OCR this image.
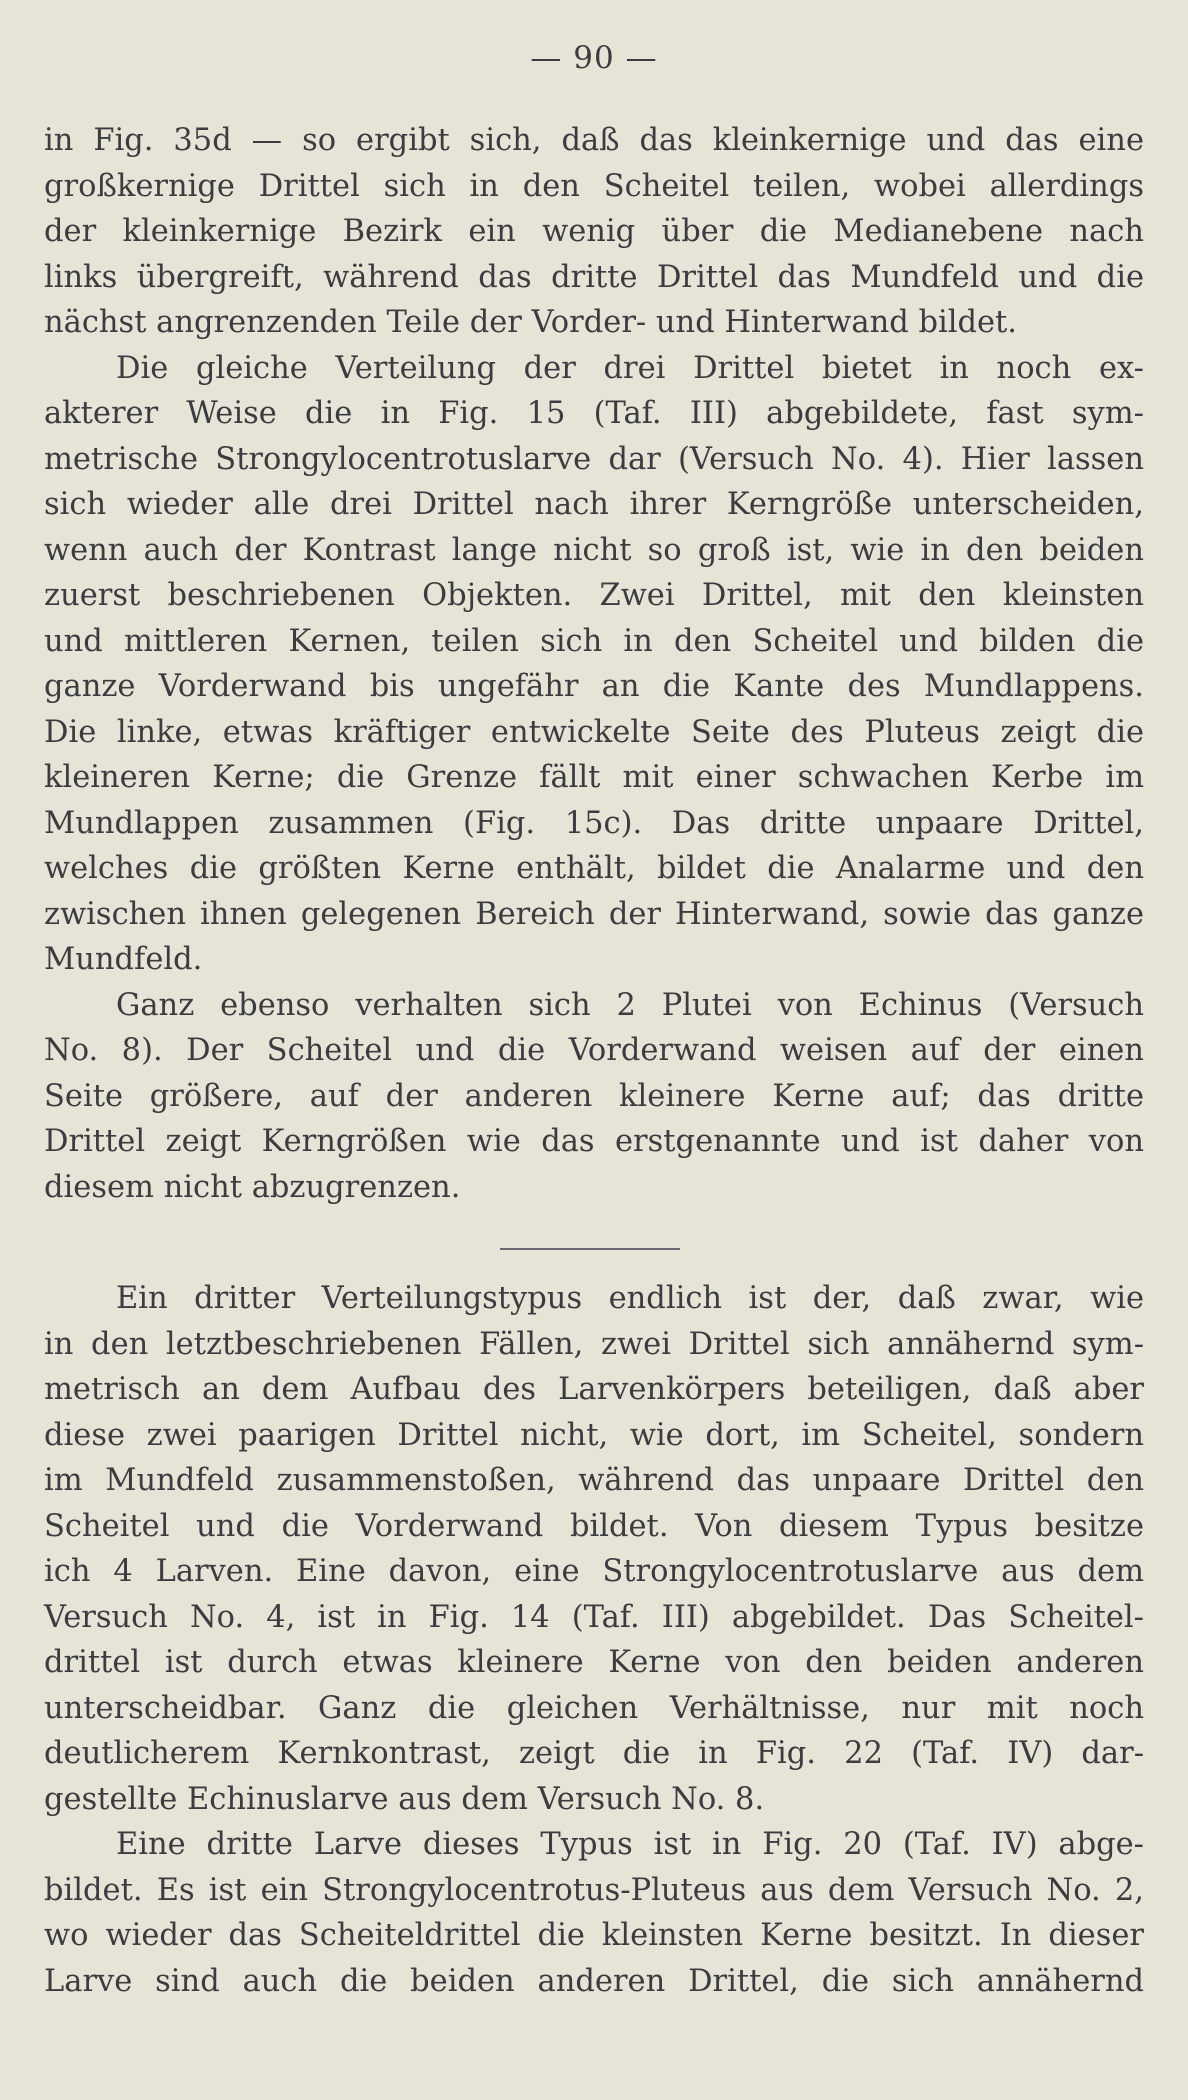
— 90 —
in Fig. 35d — so ergibt sich, daß das kleinkernige und das eine
großkernige Drittel sich in den Scheitel teilen, wobei allerdings
der kleinkernige Bezirk ein wenig über die Medianebene nach
links übergreift, während das dritte Drittel das Mundfeld und die
nächst angrenzenden Teile der Vorder- und Hinterwand bildet.
Die gleiche Verteilung der drei Drittel bietet in noch ex-
akterer Weise die in Fig. 15 (Taf. III) abgebildete, fast sym-
metrische Strongylocentrotuslarve dar (Versuch No. 4). Hier lassen
sich wieder alle drei Drittel nach ihrer Kerngröße unterscheiden,
wenn auch der Kontrast lange nicht so groß ist, wie in den beiden
zuerst beschriebenen Objekten. Zwei Drittel, mit den kleinsten
und mittleren Kernen, teilen sich in den Scheitel und bilden die
ganze Vorderwand bis ungefähr an die Kante des Mundlappens.
Die linke, etwas kräftiger entwickelte Seite des Pluteus zeigt die
kleineren Kerne; die Grenze fällt mit einer schwachen Kerbe im
Mundlappen zusammen (Fig. 15c). Das dritte unpaare Drittel,
welches die größten Kerne enthält, bildet die Analarme und den
zwischen ihnen gelegenen Bereich der Hinterwand, sowie das ganze
Mundfeld.
Ganz ebenso verhalten sich 2 Plutei von Echinus (Versuch
No. 8). Der Scheitel und die Vorderwand weisen auf der einen
Seite größere, auf der anderen kleinere Kerne auf; das dritte
Drittel zeigt Kerngrößen wie das erstgenannte und ist daher von
diesem nicht abzugrenzen.
Ein dritter Verteilungstypus endlich ist der, daß zwar, wie
in den letztbeschriebenen Fällen, zwei Drittel sich annähernd sym-
metrisch an dem Aufbau des Larvenkörpers beteiligen, daß aber
diese zwei paarigen Drittel nicht, wie dort, im Scheitel, sondern
im Mundfeld zusammenstoßen, während das unpaare Drittel den
Scheitel und die Vorderwand bildet. Von diesem Typus besitze
ich 4 Larven. Eine davon, eine Strongylocentrotuslarve aus dem
Versuch No. 4, ist in Fig. 14 (Taf. III) abgebildet. Das Scheitel-
drittel ist durch etwas kleinere Kerne von den beiden anderen
unterscheidbar. Ganz die gleichen Verhältnisse, nur mit noch
deutlicherem Kernkontrast, zeigt die in Fig. 22 (Taf. IV) dar-
gestellte Echinuslarve aus dem Versuch No. 8.
Eine dritte Larve dieses Typus ist in Fig. 20 (Taf. IV) abge-
bildet. Es ist ein Strongylocentrotus-Pluteus aus dem Versuch No. 2,
wo wieder das Scheiteldrittel die kleinsten Kerne besitzt. In dieser
Larve sind auch die beiden anderen Drittel, die sich annähernd
